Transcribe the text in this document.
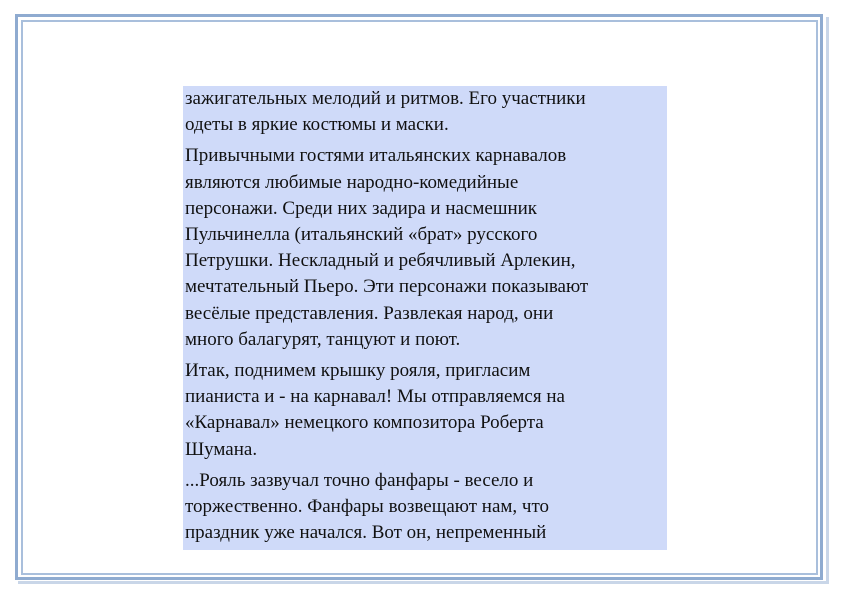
зажигательных мелодий и ритмов. Его участники
одеты в яркие костюмы и маски.

Привычными гостями итальянских карнавалов
являются любимые народно-комедийные
персонажи. Среди них задира и насмешник
Пульчинелла (итальянский «брат» русского
Петрушки. Нескладный и ребячливый Арлекин,
мечтательный Пьеро. Эти персонажи показывают
весёлые представления. Развлекая народ, они
много балагурят, танцуют и поют.

Итак, поднимем крышку рояля, пригласим
пианиста и - на карнавал! Мы отправляемся на
«Карнавал» немецкого композитора Роберта
Шумана.

...Рояль зазвучал точно фанфары - весело и
торжественно. Фанфары возвещают нам, что
праздник уже начался. Вот он, непременный
